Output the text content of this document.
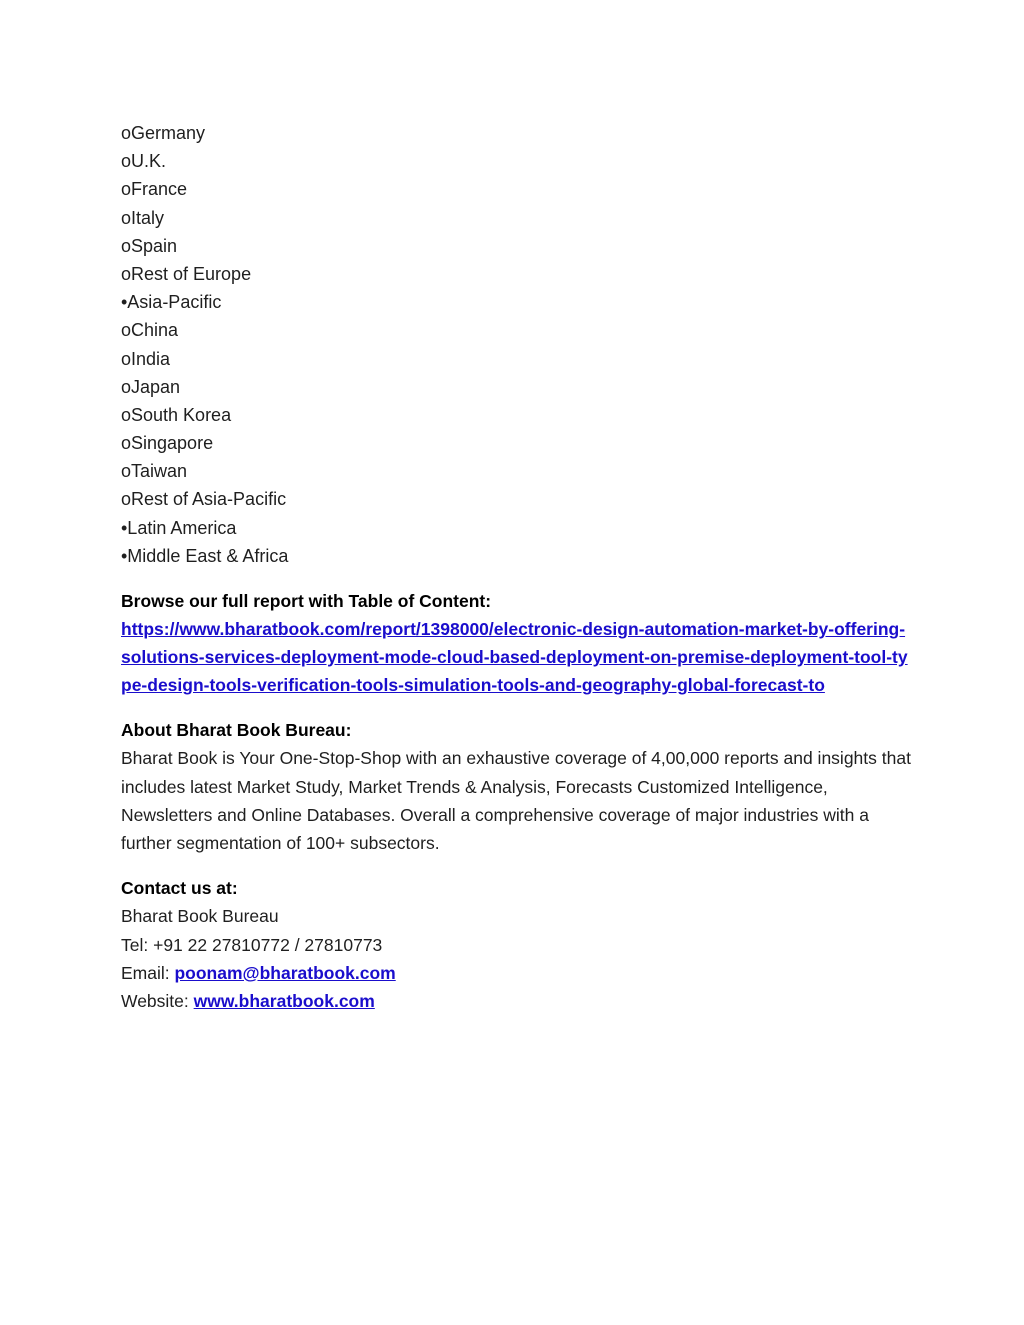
oGermany
oU.K.
oFrance
oItaly
oSpain
oRest of Europe
•Asia-Pacific
oChina
oIndia
oJapan
oSouth Korea
oSingapore
oTaiwan
oRest of Asia-Pacific
•Latin America
•Middle East & Africa
Browse our full report with Table of Content:
https://www.bharatbook.com/report/1398000/electronic-design-automation-market-by-offering-solutions-services-deployment-mode-cloud-based-deployment-on-premise-deployment-tool-type-design-tools-verification-tools-simulation-tools-and-geography-global-forecast-to
About Bharat Book Bureau:
Bharat Book is Your One-Stop-Shop with an exhaustive coverage of 4,00,000 reports and insights that includes latest Market Study, Market Trends & Analysis, Forecasts Customized Intelligence, Newsletters and Online Databases. Overall a comprehensive coverage of major industries with a further segmentation of 100+ subsectors.
Contact us at:
Bharat Book Bureau
Tel: +91 22 27810772 / 27810773
Email: poonam@bharatbook.com
Website: www.bharatbook.com
